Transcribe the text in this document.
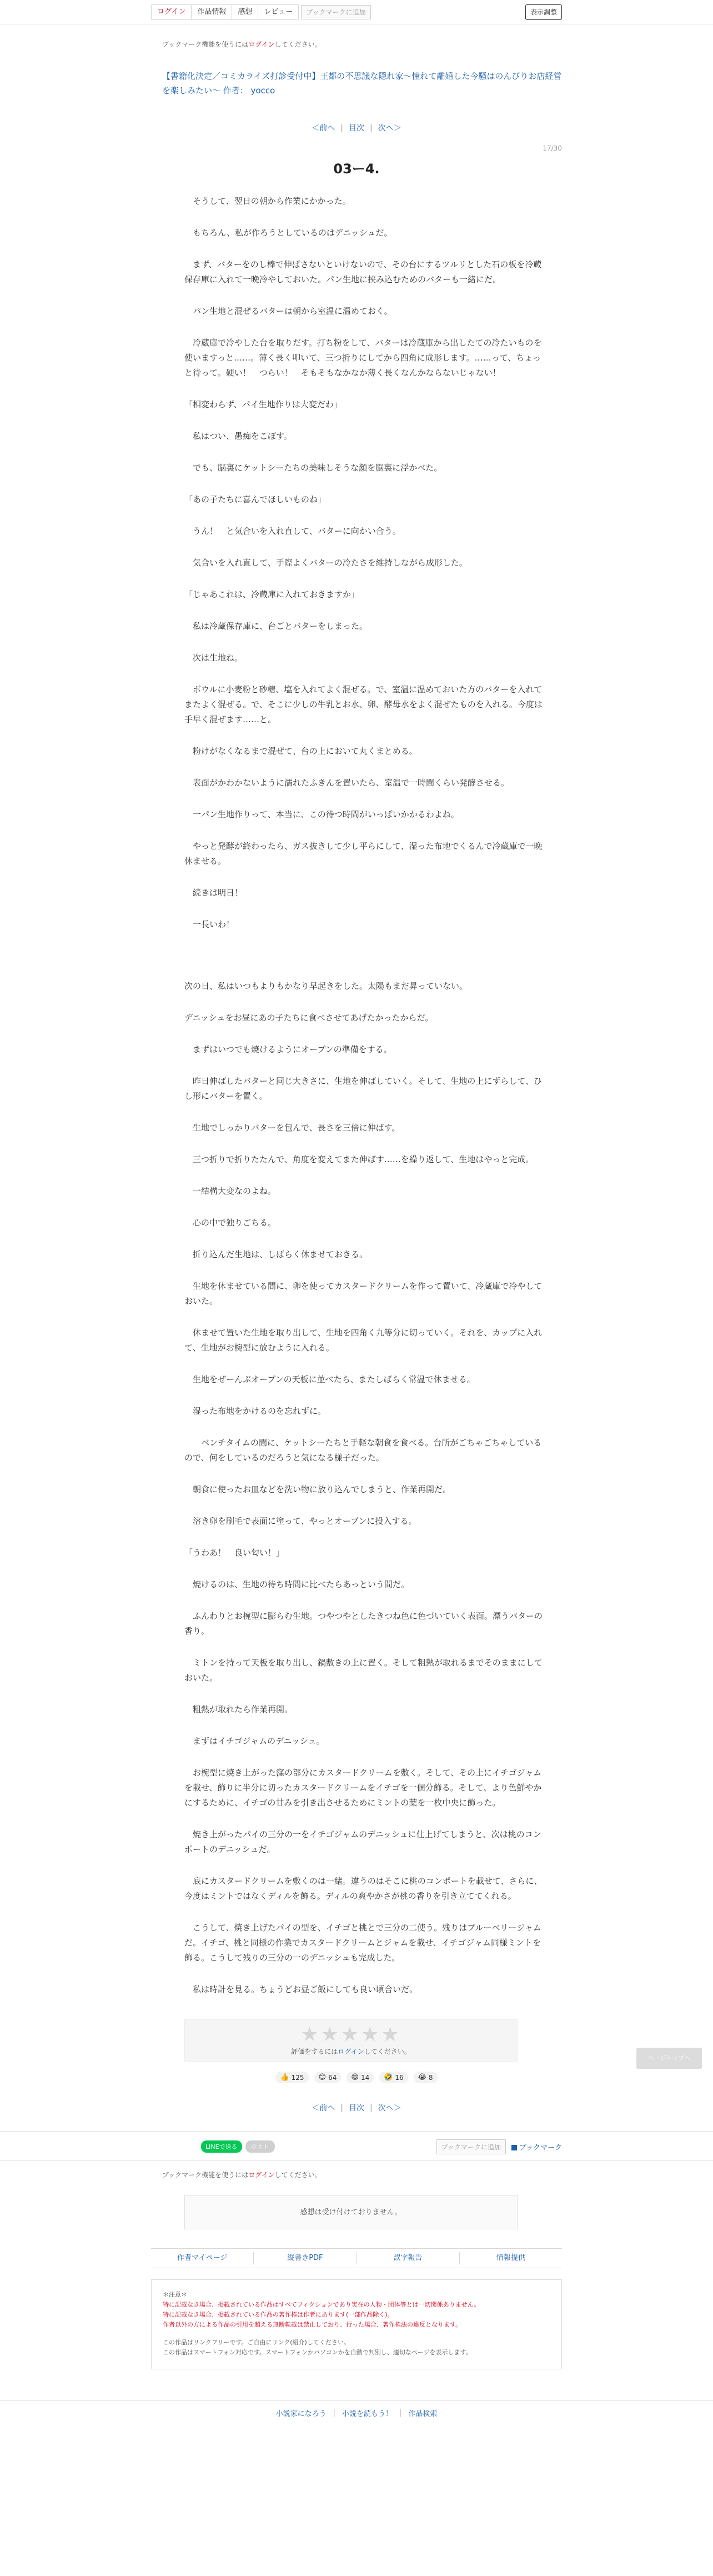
ログイン	作品情報	感想	レビュー	ブックマークに追加	表示調整
ブックマーク機能を使うにはログインしてください。
【書籍化決定／コミカライズ打診受付中】王都の不思議な隠れ家〜憧れて離婚した今騒はのんびりお店経営を楽しみたい〜 作者： yocco
＜前へ | 目次 | 次へ＞
17/30
03ー4.

　そうして、翌日の朝から作業にかかった。

　もちろん、私が作ろうとしているのはデニッシュだ。

　まず、バターをのし棒で伸ばさないといけないので、その台にするツルリとした石の板を冷蔵保存庫に入れて一晩冷やしておいた。パン生地に挟み込むためのバターも一緒にだ。

　パン生地と混ぜるバターは朝から室温に温めておく。

　冷蔵庫で冷やした台を取りだす。打ち粉をして、バターは冷蔵庫から出したての冷たいものを使いますっと……。薄く長く叩いて、三つ折りにしてから四角に成形します。……って、ちょっと待って。硬い！　つらい！　そもそもなかなか薄く長くなんかならないじゃない！

「相変わらず、パイ生地作りは大変だわ」

　私はつい、愚痴をこぼす。

　でも、脳裏にケットシーたちの美味しそうな顔を脳裏に浮かべた。

「あの子たちに喜んでほしいものね」

　うん！　と気合いを入れ直して、バターに向かい合う。

　気合いを入れ直して、手際よくバターの冷たさを維持しながら成形した。

「じゃあこれは、冷蔵庫に入れておきますか」

　私は冷蔵保存庫に、台ごとバターをしまった。

　次は生地ね。

　ボウルに小麦粉と砂糖、塩を入れてよく混ぜる。で、室温に温めておいた方のバターを入れてまたよく混ぜる。で、そこに少しの牛乳とお水、卵、酵母水をよく混ぜたものを入れる。今度は手早く混ぜます……と。

　粉けがなくなるまで混ぜて、台の上において丸くまとめる。

　表面がかわかないように濡れたふきんを置いたら、室温で一時間くらい発酵させる。

　一パン生地作りって、本当に、この待つ時間がいっぱいかかるわよね。

　やっと発酵が終わったら、ガス抜きして少し平らにして、湿った布地でくるんで冷蔵庫で一晩休ませる。

　続きは明日！

　一長いわ！

次の日、私はいつもよりもかなり早起きをした。太陽もまだ昇っていない。

デニッシュをお昼にあの子たちに食べさせてあげたかったからだ。

　まずはいつでも焼けるようにオーブンの準備をする。

　昨日伸ばしたバターと同じ大きさに、生地を伸ばしていく。そして、生地の上にずらして、ひし形にバターを置く。

　生地でしっかりバターを包んで、長さを三倍に伸ばす。

　三つ折りで折りたたんで、角度を変えてまた伸ばす……を繰り返して、生地はやっと完成。

　一結構大変なのよね。

　心の中で独りごちる。

　折り込んだ生地は、しばらく休ませておきる。

　生地を休ませている間に、卵を使ってカスタードクリームを作って置いて、冷蔵庫で冷やしておいた。

　休ませて置いた生地を取り出して、生地を四角く九等分に切っていく。それを、カップに入れて、生地がお椀型に放むように入れる。

　生地をぜーんぶオーブンの天板に並べたら、またしばらく常温で休ませる。

　湿った布地をかけるのを忘れずに。

　　ベンチタイムの間に、ケットシーたちと手軽な朝食を食べる。台所がごちゃごちゃしているので、何をしているのだろうと気になる様子だった。

　朝食に使ったお皿などを洗い物に放り込んでしまうと、作業再開だ。

　溶き卵を刷毛で表面に塗って、やっとオーブンに投入する。

「うわあ！　良い匂い！」

　焼けるのは、生地の待ち時間に比べたらあっという間だ。

　ふんわりとお椀型に膨らむ生地。つやつやとしたきつね色に色づいていく表面。漂うバターの香り。

　ミトンを持って天板を取り出し、鍋敷きの上に置く。そして粗熱が取れるまでそのままにしておいた。

　粗熱が取れたら作業再開。

　まずはイチゴジャムのデニッシュ。

　お椀型に焼き上がった窪の部分にカスタードクリームを敷く。そして、その上にイチゴジャムを載せ、飾りに半分に切ったカスタードクリームをイチゴを一個分飾る。そして、より色鮮やかにするために、イチゴの甘みを引き出させるためにミントの葉を一枚中央に飾った。

　焼き上がったパイの三分の一をイチゴジャムのデニッシュに仕上げてしまうと、次は桃のコンポートのデニッシュだ。

　底にカスタードクリームを敷くのは一緒。違うのはそこに桃のコンポートを載せて、さらに、今度はミントではなくディルを飾る。ディルの爽やかさが桃の香りを引き立ててくれる。

　こうして、焼き上げたパイの型を、イチゴと桃とで三分の二使う。残りはブルーベリージャムだ。イチゴ、桃と同様の作業でカスタードクリームとジャムを載せ、イチゴジャム同様ミントを飾る。こうして残りの三分の一のデニッシュも完成した。

　私は時計を見る。ちょうどお昼ご飯にしても良い頃合いだ。

★★★★★
評価をするにはログインしてください。
👍 125 😊 64 😄 14 🤣 16 😭 8
＜前へ | 目次 | 次へ＞
LINEで送る	ポスト	ブックマークに追加	ブックマーク
ブックマーク機能を使うにはログインしてください。
感想は受け付けておりません。
作者マイページ	縦書きPDF	誤字報告	情報提供
＊注意＊
特に記載なき場合、掲載されている作品はすべてフィクションであり実在の人物・団体等とは一切関係ありません。
特に記載なき場合、掲載されている作品の著作権は作者にあります(一部作品除く)。
作者以外の方による作品の引用を超える無断転載は禁止しており、行った場合、著作権法の違反となります。
この作品はリンクフリーです。ご自由にリンク(紹介)してください。
この作品はスマートフォン対応です。スマートフォンかパソコンかを自動で判別し、適切なページを表示します。
小説家になろう | 小説を読もう！ | 作品検索
ページトップへ
